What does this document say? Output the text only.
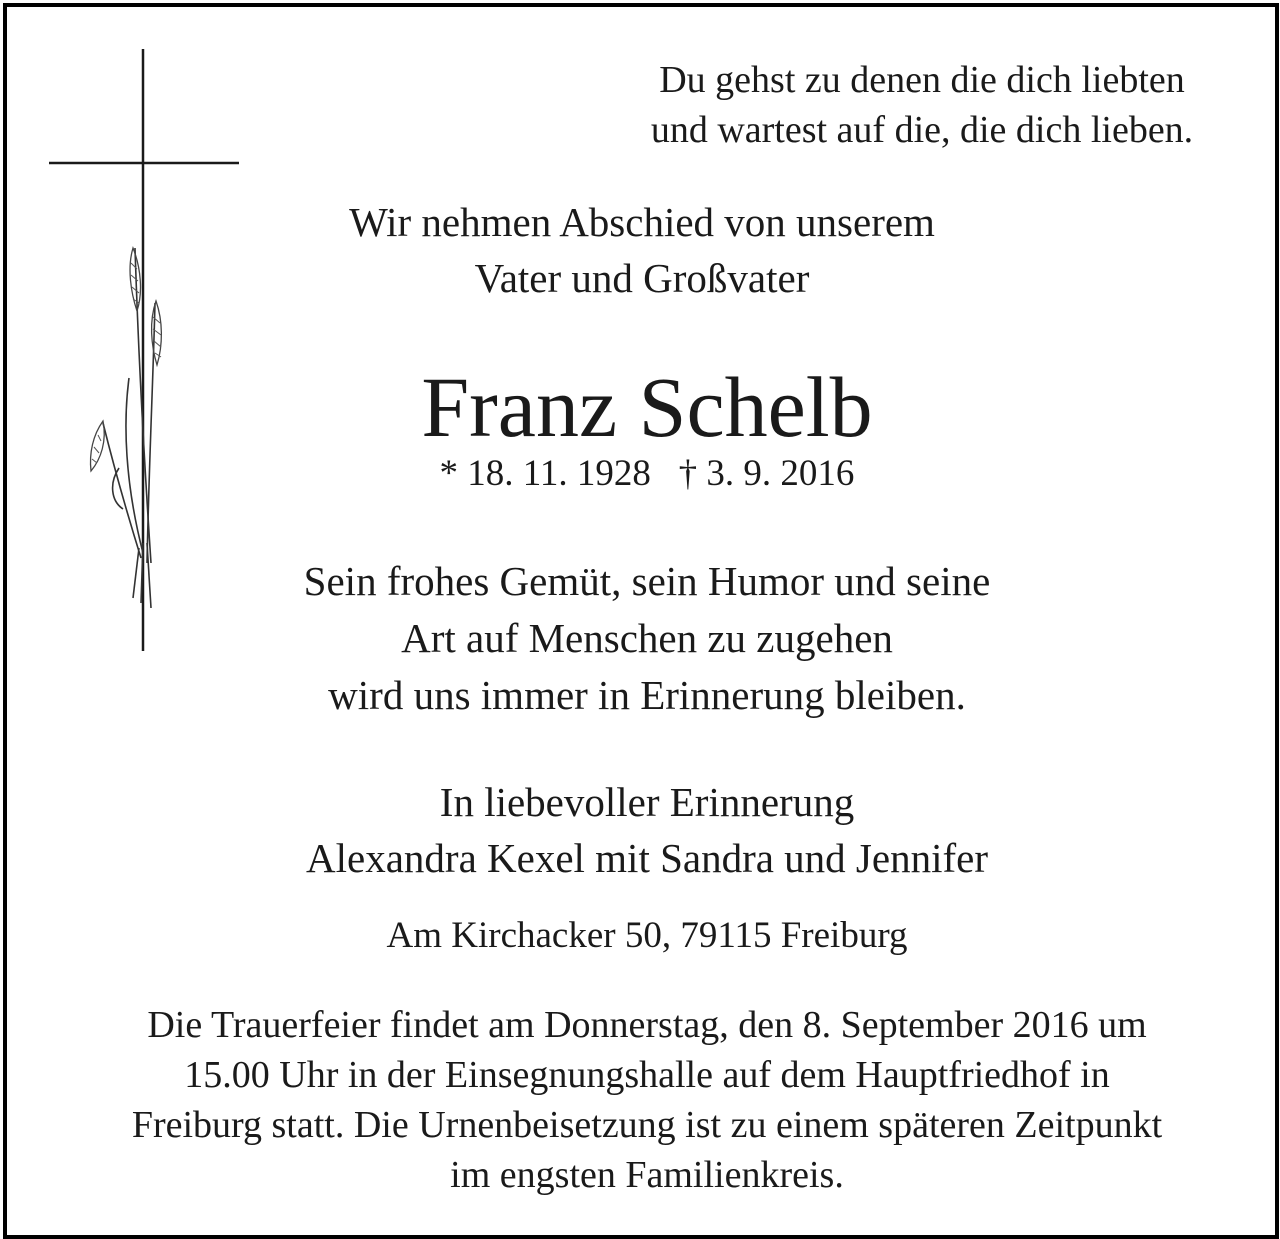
Du gehst zu denen die dich liebten
und wartest auf die, die dich lieben.
Wir nehmen Abschied von unserem
Vater und Großvater
Franz Schelb
* 18. 11. 1928   † 3. 9. 2016
Sein frohes Gemüt, sein Humor und seine
Art auf Menschen zu zugehen
wird uns immer in Erinnerung bleiben.
In liebevoller Erinnerung
Alexandra Kexel mit Sandra und Jennifer
Am Kirchacker 50, 79115 Freiburg
Die Trauerfeier findet am Donnerstag, den 8. September 2016 um
15.00 Uhr in der Einsegnungshalle auf dem Hauptfriedhof in
Freiburg statt. Die Urnenbeisetzung ist zu einem späteren Zeitpunkt
im engsten Familienkreis.
